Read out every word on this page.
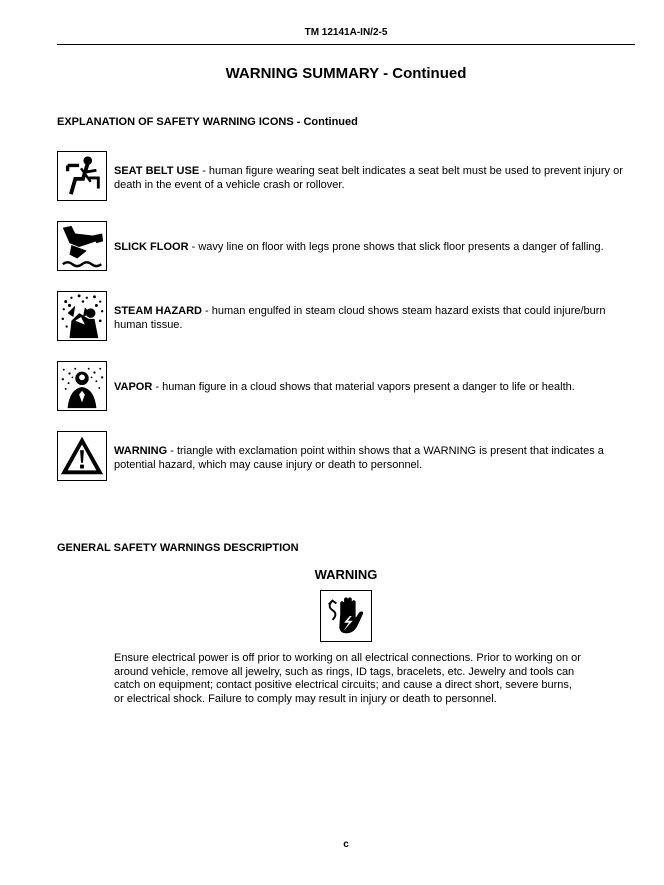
TM 12141A-IN/2-5
WARNING SUMMARY - Continued
EXPLANATION OF SAFETY WARNING ICONS - Continued
SEAT BELT USE - human figure wearing seat belt indicates a seat belt must be used to prevent injury or death in the event of a vehicle crash or rollover.
SLICK FLOOR - wavy line on floor with legs prone shows that slick floor presents a danger of falling.
STEAM HAZARD - human engulfed in steam cloud shows steam hazard exists that could injure/burn human tissue.
VAPOR - human figure in a cloud shows that material vapors present a danger to life or health.
WARNING - triangle with exclamation point within shows that a WARNING is present that indicates a potential hazard, which may cause injury or death to personnel.
GENERAL SAFETY WARNINGS DESCRIPTION
WARNING
Ensure electrical power is off prior to working on all electrical connections. Prior to working on or around vehicle, remove all jewelry, such as rings, ID tags, bracelets, etc. Jewelry and tools can catch on equipment; contact positive electrical circuits; and cause a direct short, severe burns, or electrical shock. Failure to comply may result in injury or death to personnel.
c
